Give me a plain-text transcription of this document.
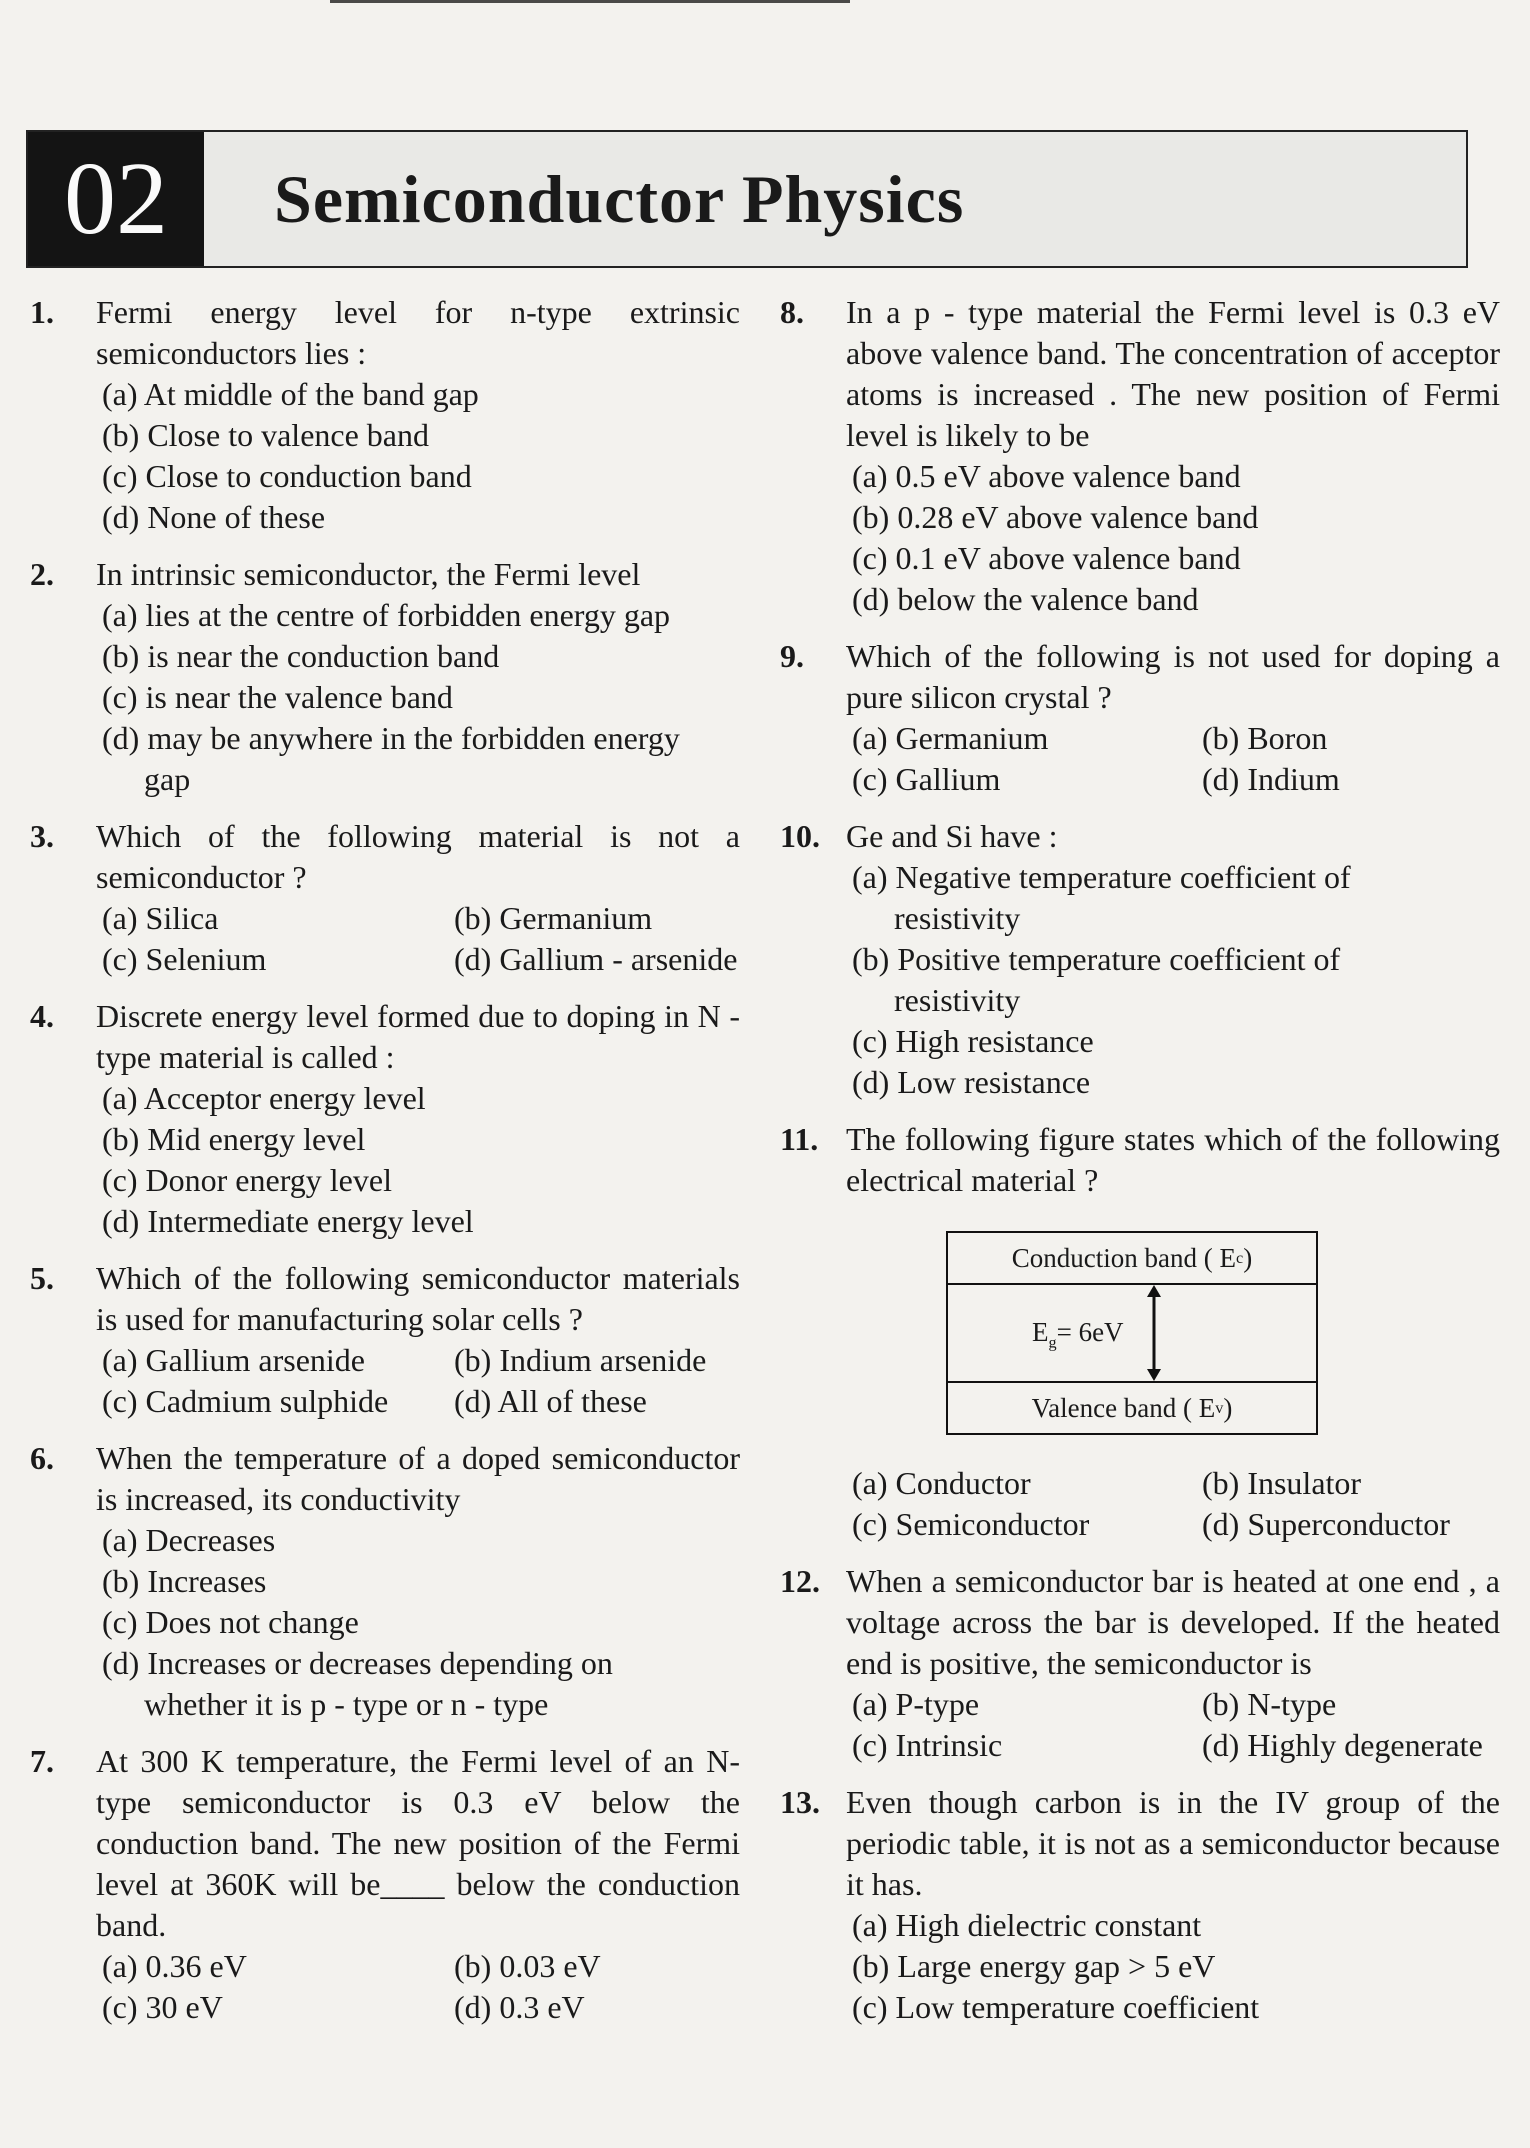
02	Semiconductor Physics
1. Fermi energy level for n-type extrinsic semiconductors lies :
(a) At middle of the band gap
(b) Close to valence band
(c) Close to conduction band
(d) None of these
2. In intrinsic semiconductor, the Fermi level
(a) lies at the centre of forbidden energy gap
(b) is near the conduction band
(c) is near the valence band
(d) may be anywhere in the forbidden energy
gap
3. Which of the following material is not a semiconductor ?
(a) Silica	(b) Germanium
(c) Selenium	(d) Gallium - arsenide
4. Discrete energy level formed due to doping in N - type material is called :
(a) Acceptor energy level
(b) Mid energy level
(c) Donor energy level
(d) Intermediate energy level
5. Which of the following semiconductor materials is used for manufacturing solar cells ?
(a) Gallium arsenide	(b) Indium arsenide
(c) Cadmium sulphide	(d) All of these
6. When the temperature of a doped semiconductor is increased, its conductivity
(a) Decreases
(b) Increases
(c) Does not change
(d) Increases or decreases depending on
whether it is p - type or n - type
7. At 300 K temperature, the Fermi level of an N-type semiconductor is 0.3 eV below the conduction band. The new position of the Fermi level at 360K will be____ below the conduction band.
(a) 0.36 eV	(b) 0.03 eV
(c) 30 eV	(d) 0.3 eV
8. In a p - type material the Fermi level is 0.3 eV above valence band. The concentration of acceptor atoms is increased . The new position of Fermi level is likely to be
(a) 0.5 eV above valence band
(b) 0.28 eV above valence band
(c) 0.1 eV above valence band
(d) below the valence band
9. Which of the following is not used for doping a pure silicon crystal ?
(a) Germanium	(b) Boron
(c) Gallium	(d) Indium
10. Ge and Si have :
(a) Negative temperature coefficient of
resistivity
(b) Positive temperature coefficient of
resistivity
(c) High resistance
(d) Low resistance
11. The following figure states which of the following electrical material ?
Conduction band ( E c )
$E_g= 6eV$
Valence band ( E v )
(a) Conductor	(b) Insulator
(c) Semiconductor	(d) Superconductor
12. When a semiconductor bar is heated at one end , a voltage across the bar is developed. If the heated end is positive, the semiconductor is
(a) P-type	(b) N-type
(c) Intrinsic	(d) Highly degenerate
13. Even though carbon is in the IV group of the periodic table, it is not as a semiconductor because it has.
(a) High dielectric constant
(b) Large energy gap > 5 eV
(c) Low temperature coefficient
